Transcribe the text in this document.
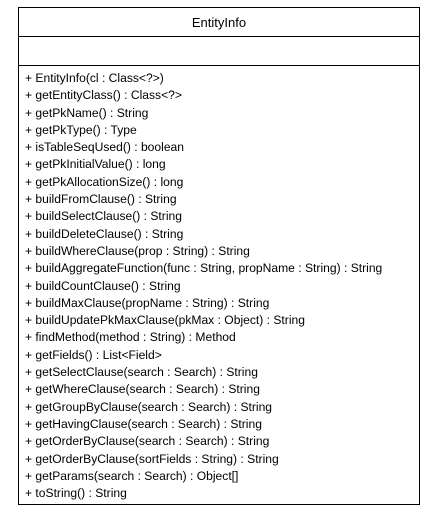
EntityInfo
+ EntityInfo(cl : Class<?>)
+ getEntityClass() : Class<?>
+ getPkName() : String
+ getPkType() : Type
+ isTableSeqUsed() : boolean
+ getPkInitialValue() : long
+ getPkAllocationSize() : long
+ buildFromClause() : String
+ buildSelectClause() : String
+ buildDeleteClause() : String
+ buildWhereClause(prop : String) : String
+ buildAggregateFunction(func : String, propName : String) : String
+ buildCountClause() : String
+ buildMaxClause(propName : String) : String
+ buildUpdatePkMaxClause(pkMax : Object) : String
+ findMethod(method : String) : Method
+ getFields() : List<Field>
+ getSelectClause(search : Search) : String
+ getWhereClause(search : Search) : String
+ getGroupByClause(search : Search) : String
+ getHavingClause(search : Search) : String
+ getOrderByClause(search : Search) : String
+ getOrderByClause(sortFields : String) : String
+ getParams(search : Search) : Object[]
+ toString() : String
